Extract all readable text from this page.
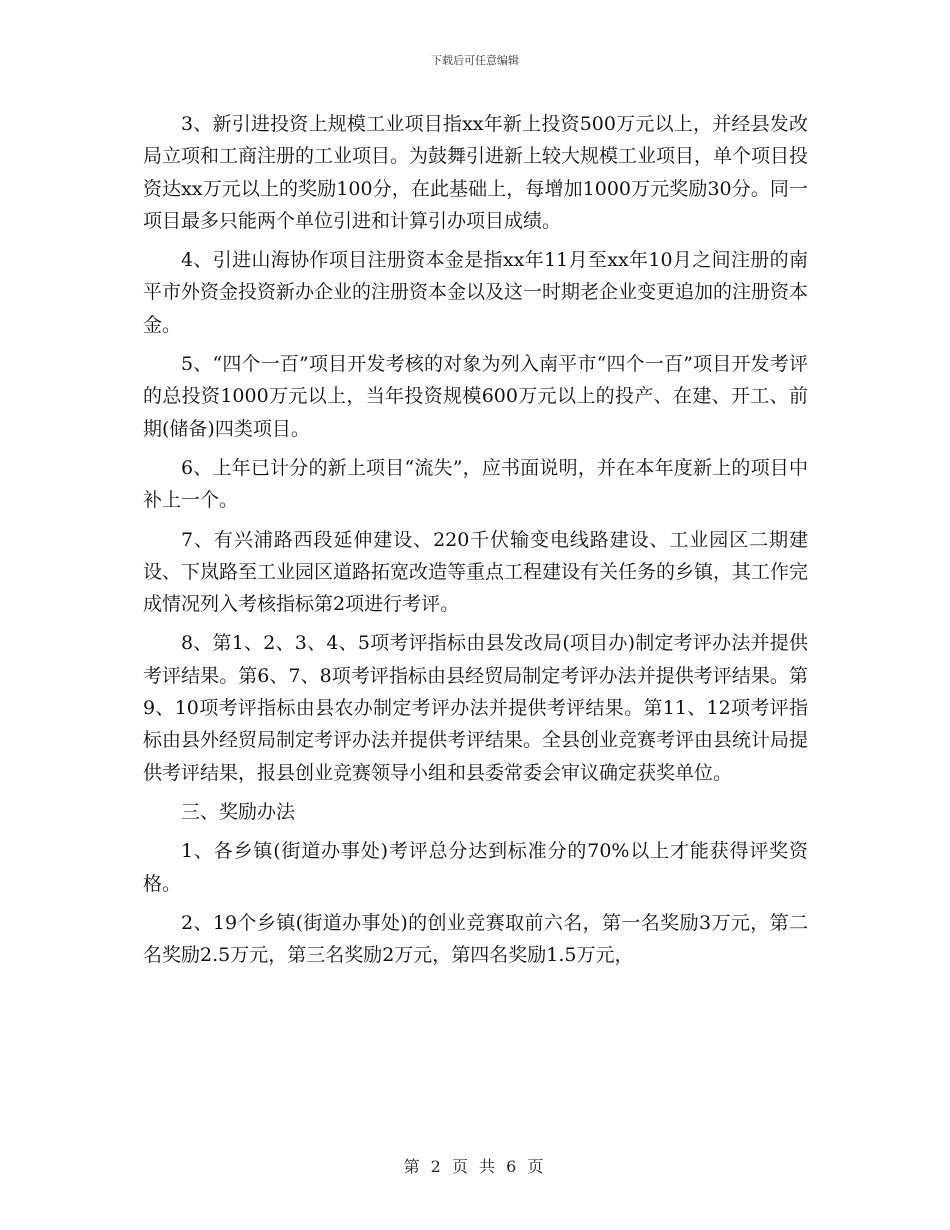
下载后可任意编辑

3、新引进投资上规模工业项目指xx年新上投资500万元以上，并经县发改局立项和工商注册的工业项目。为鼓舞引进新上较大规模工业项目，单个项目投资达xx万元以上的奖励100分，在此基础上，每增加1000万元奖励30分。同一项目最多只能两个单位引进和计算引办项目成绩。

4、引进山海协作项目注册资本金是指xx年11月至xx年10月之间注册的南平市外资金投资新办企业的注册资本金以及这一时期老企业变更追加的注册资本金。

5、“四个一百”项目开发考核的对象为列入南平市“四个一百”项目开发考评的总投资1000万元以上，当年投资规模600万元以上的投产、在建、开工、前期(储备)四类项目。

6、上年已计分的新上项目“流失”，应书面说明，并在本年度新上的项目中补上一个。

7、有兴浦路西段延伸建设、220千伏输变电线路建设、工业园区二期建设、下岚路至工业园区道路拓宽改造等重点工程建设有关任务的乡镇，其工作完成情况列入考核指标第2项进行考评。

8、第1、2、3、4、5项考评指标由县发改局(项目办)制定考评办法并提供考评结果。第6、7、8项考评指标由县经贸局制定考评办法并提供考评结果。第9、10项考评指标由县农办制定考评办法并提供考评结果。第11、12项考评指标由县外经贸局制定考评办法并提供考评结果。全县创业竞赛考评由县统计局提供考评结果，报县创业竞赛领导小组和县委常委会审议确定获奖单位。

三、奖励办法

1、各乡镇(街道办事处)考评总分达到标准分的70%以上才能获得评奖资格。

2、19个乡镇(街道办事处)的创业竞赛取前六名，第一名奖励3万元，第二名奖励2.5万元，第三名奖励2万元，第四名奖励1.5万元，

第 2 页 共 6 页
